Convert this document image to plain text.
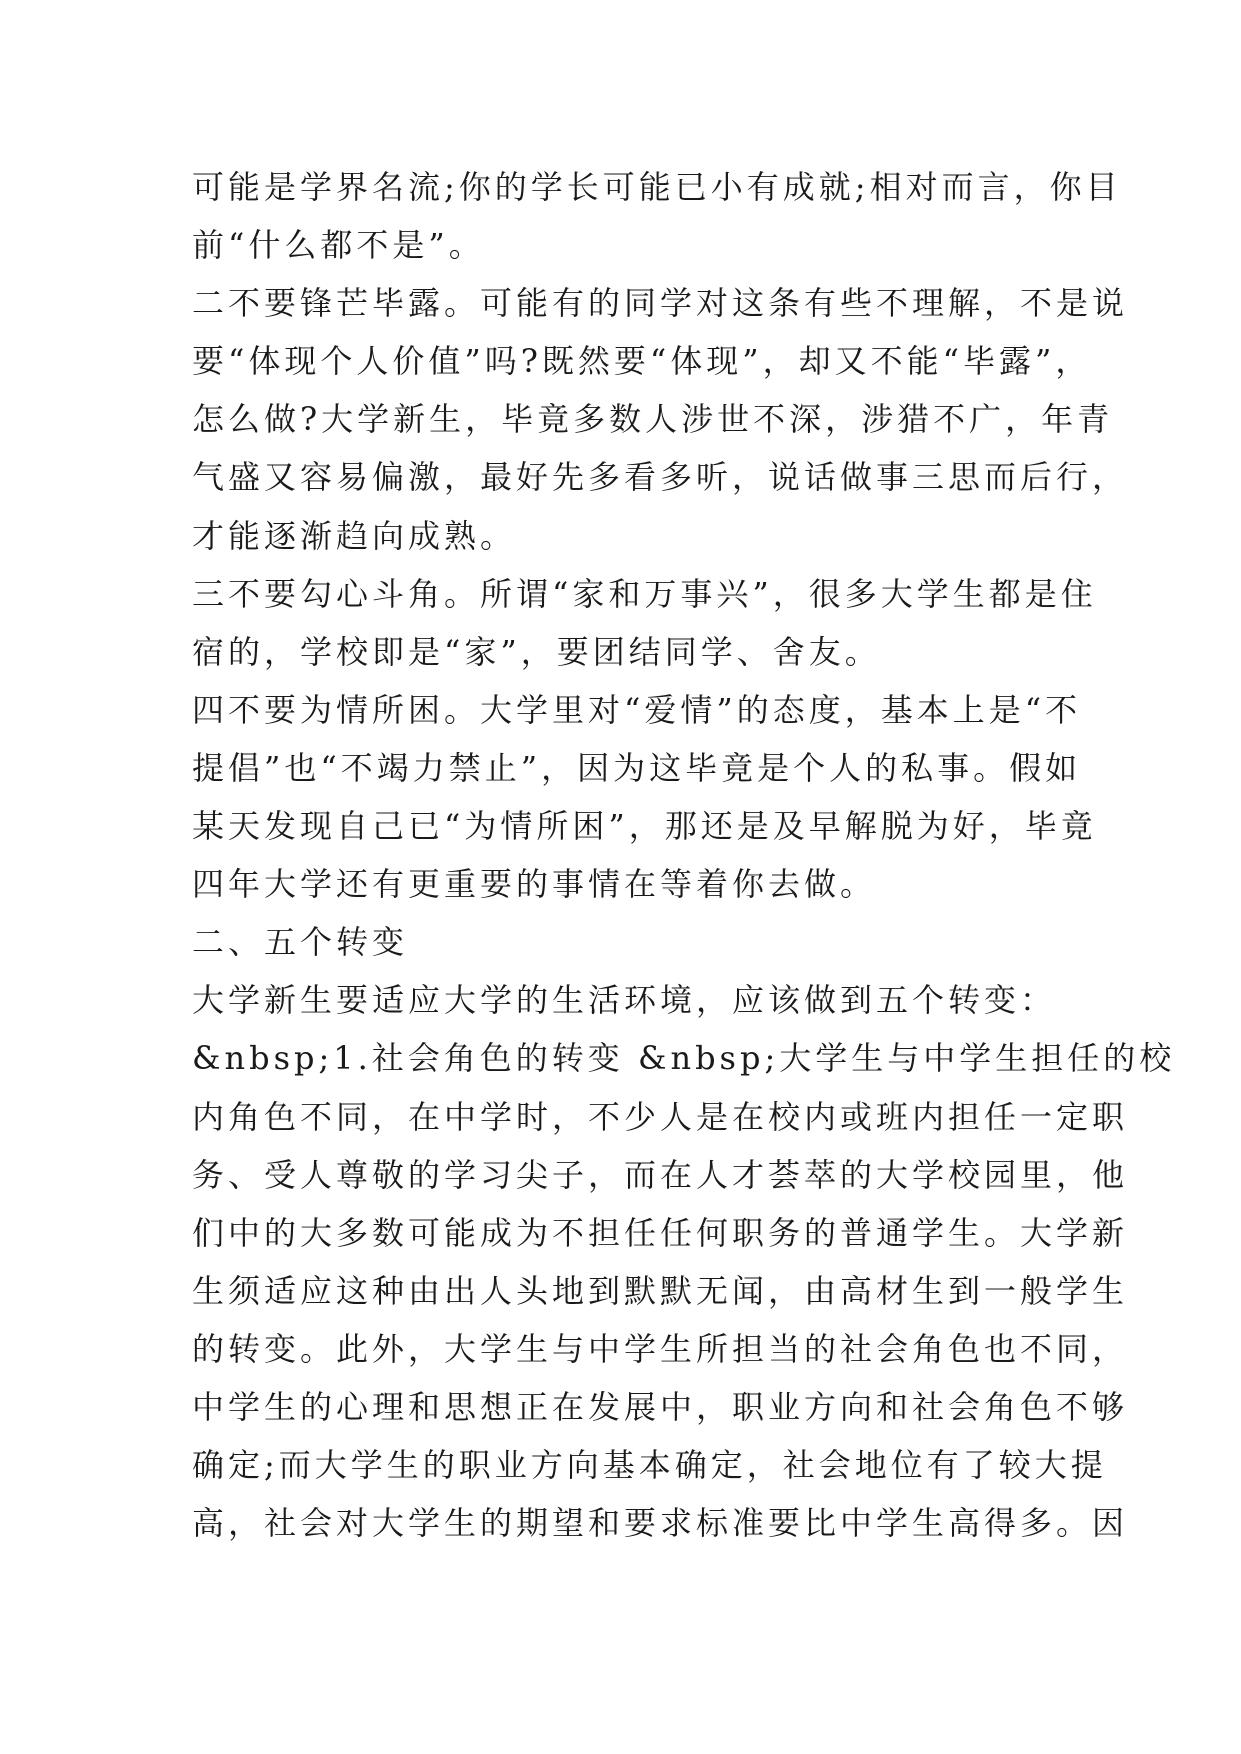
可能是学界名流;你的学长可能已小有成就;相对而言，你目
前“什么都不是”。
二不要锋芒毕露。可能有的同学对这条有些不理解，不是说
要“体现个人价值”吗?既然要“体现”，却又不能“毕露”，
怎么做?大学新生，毕竟多数人涉世不深，涉猎不广，年青
气盛又容易偏激，最好先多看多听，说话做事三思而后行，
才能逐渐趋向成熟。
三不要勾心斗角。所谓“家和万事兴”，很多大学生都是住
宿的，学校即是“家”，要团结同学、舍友。
四不要为情所困。大学里对“爱情”的态度，基本上是“不
提倡”也“不竭力禁止”，因为这毕竟是个人的私事。假如
某天发现自己已“为情所困”，那还是及早解脱为好，毕竟
四年大学还有更重要的事情在等着你去做。
二、五个转变
大学新生要适应大学的生活环境，应该做到五个转变：
&nbsp;1.社会角色的转变 &nbsp;大学生与中学生担任的校
内角色不同，在中学时，不少人是在校内或班内担任一定职
务、受人尊敬的学习尖子，而在人才荟萃的大学校园里，他
们中的大多数可能成为不担任任何职务的普通学生。大学新
生须适应这种由出人头地到默默无闻，由高材生到一般学生
的转变。此外，大学生与中学生所担当的社会角色也不同，
中学生的心理和思想正在发展中，职业方向和社会角色不够
确定;而大学生的职业方向基本确定，社会地位有了较大提
高，社会对大学生的期望和要求标准要比中学生高得多。因
